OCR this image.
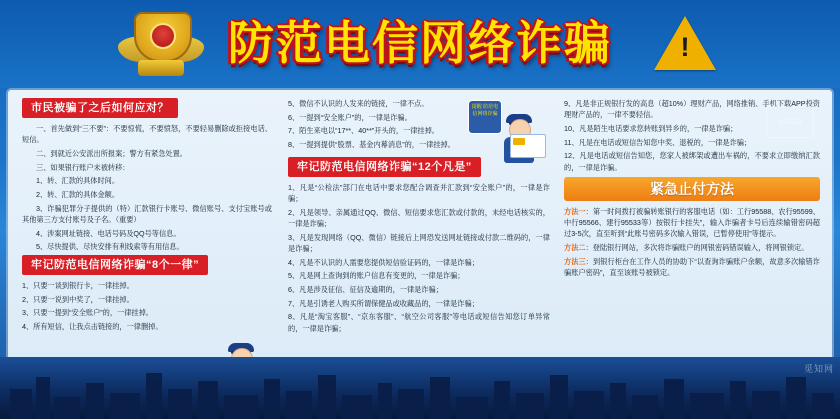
防范电信网络诈骗	!
市民被骗了之后如何应对？

一、首先做到“三不要”：不要惊慌，不要愤怒，不要轻易删除或拒接电话、短信。

二、到就近公安派出所报案；警方有紧急处置。

三、如果银行账户未被转移：

1、转、汇款的具体时间。

2、转、汇款的具体金额。

3、诈骗犯罪分子提供的（特）汇款银行卡账号、微信账号、支付宝账号或其他第三方支付账号及子名。（重要）

4、涉案网址链接、电话号码及QQ号等信息。

5、尽快提供、尽快安排有利线索等有用信息。

牢记防范电信网络诈骗“8个一律”

1、只要一谈到银行卡，一律挂掉。

2、只要一说到中奖了，一律挂掉。

3、只要一提到“安全账户”的，一律挂掉。

4、所有短信，让我点击链接的，一律删掉。

5、微信不认识的人发来的链接，一律不点。

6、一提到“安全账户”的，一律是诈骗。

7、陌生来电以“17**、40**”开头的，一律挂掉。

8、一提到提供“股票、基金内幕消息”的，一律挂掉。

牢记防范电信网络诈骗“12个凡是”

1、凡是“公检法”部门在电话中要求您配合调查并汇款到“安全账户”的，一律是诈骗；

2、凡是领导、亲属通过QQ、微信、短信要求您汇款或付款的，未经电话核实的，一律是诈骗；

3、凡是发现网络（QQ、微信）链接后上网恐发送网址链接或付款二维码的，一律是诈骗；

4、凡是不认识的人需要您提供短信验证码的，一律是诈骗；

5、凡是网上查询到的账户信息有变更的，一律是诈骗；

6、凡是涉及征信、征信及逾期的，一律是诈骗；

7、凡是引诱老人购买所谓保健品或收藏品的，一律是诈骗；

8、凡是“淘宝客服”、“京东客服”、“航空公司客服”等电话或短信告知您订单异常的，一律是诈骗；

提醒 防范电信网络诈骗

9、凡是非正规银行发的高息（超10%）理财产品，网络推销、手机下载APP投资理财产品的，一律不要轻信。

10、凡是陌生电话要求您转账到异乡的，一律是诈骗；

11、凡是在电话或短信告知您中奖、退税的，一律是诈骗；

12、凡是电话或短信告知您，您家人被绑架或遭出车祸的，不要求立即缴纳汇款的，一律是诈骗。

紧急止付方法

方法一：第一时间拨打被骗转账银行的客服电话（如：工行95588、农行95599、中行95566、建行95533等）按银行卡挂失”，输入诈骗者卡号后连续输错密码超过3-5次，直至听到“此账号密码多次输入错误，已暂停使用”等提示。

方法二：登陆银行网站，多次将诈骗账户的网银密码错误输入，将网银锁定。

方法三：到银行柜台在工作人员的协助下“以查询诈骗账户余额，故意多次输错诈骗账户密码”，直至该账号被锁定。

LOGO
觅知网
